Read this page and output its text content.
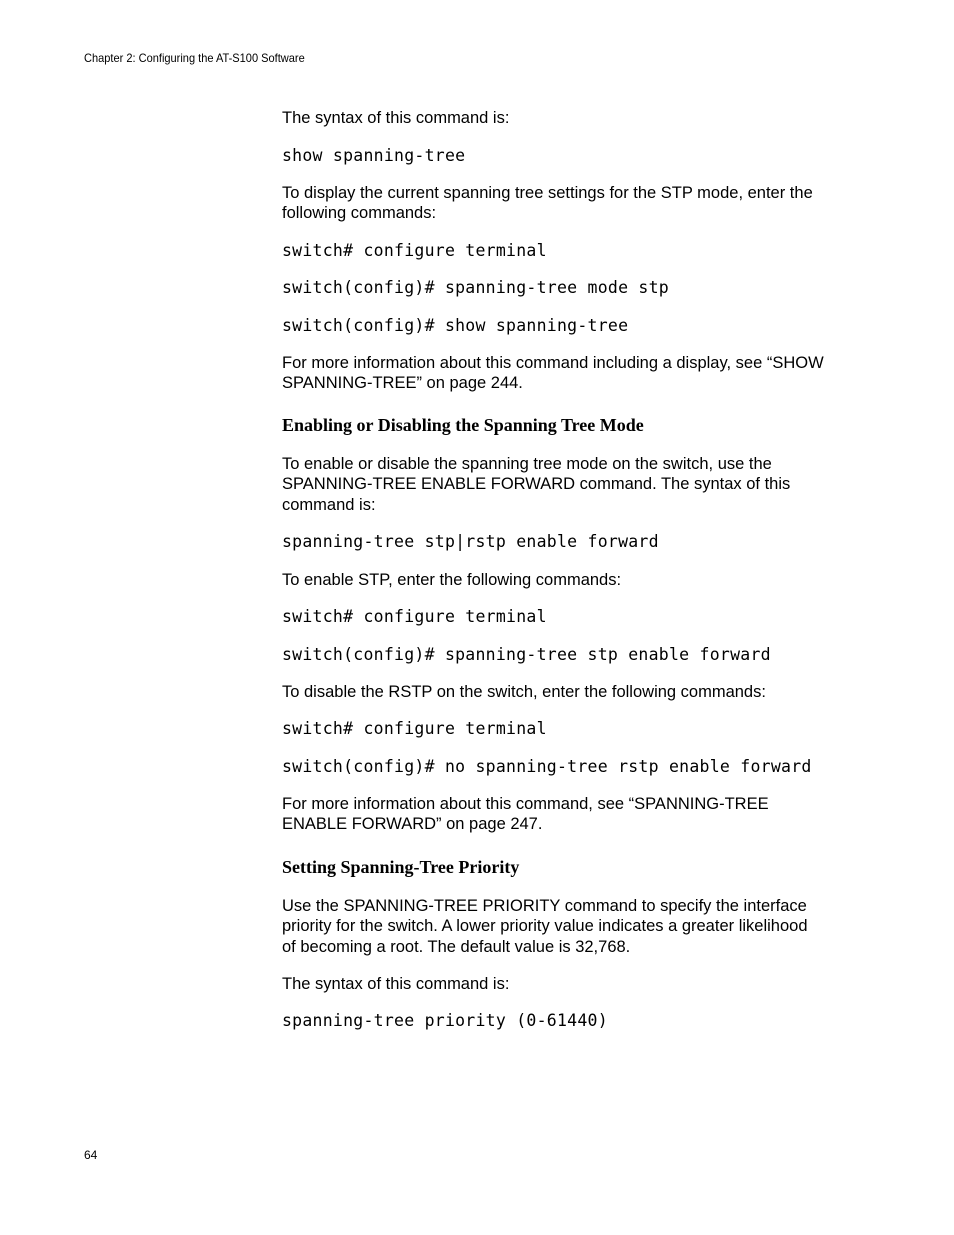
Chapter 2: Configuring the AT-S100 Software

The syntax of this command is:

show spanning-tree

To display the current spanning tree settings for the STP mode, enter the
following commands:

switch# configure terminal
switch(config)# spanning-tree mode stp
switch(config)# show spanning-tree

For more information about this command including a display, see “SHOW
SPANNING-TREE” on page 244.

Enabling or Disabling the Spanning Tree Mode

To enable or disable the spanning tree mode on the switch, use the
SPANNING-TREE ENABLE FORWARD command. The syntax of this
command is:

spanning-tree stp|rstp enable forward

To enable STP, enter the following commands:

switch# configure terminal
switch(config)# spanning-tree stp enable forward

To disable the RSTP on the switch, enter the following commands:

switch# configure terminal
switch(config)# no spanning-tree rstp enable forward

For more information about this command, see “SPANNING-TREE
ENABLE FORWARD” on page 247.

Setting Spanning-Tree Priority

Use the SPANNING-TREE PRIORITY command to specify the interface
priority for the switch. A lower priority value indicates a greater likelihood
of becoming a root. The default value is 32,768.

The syntax of this command is:

spanning-tree priority (0-61440)
64
